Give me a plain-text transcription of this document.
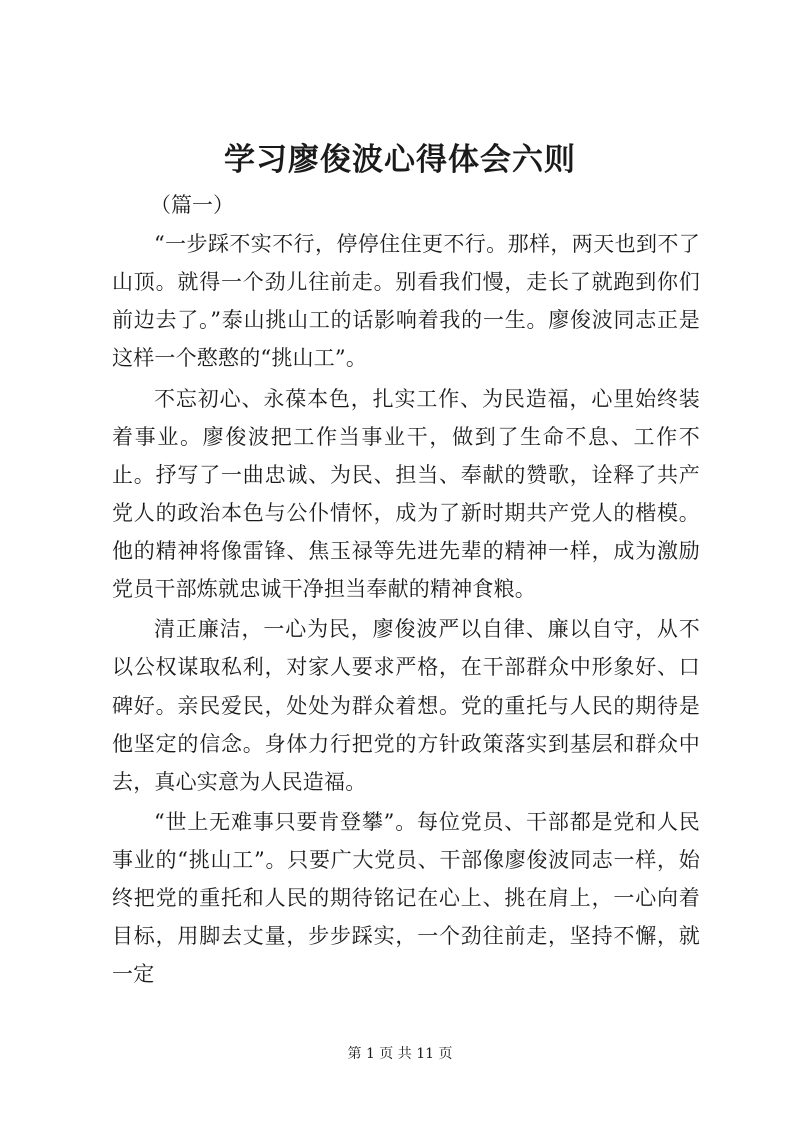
学习廖俊波心得体会六则

（篇一）

“一步踩不实不行，停停住住更不行。那样，两天也到不了山顶。就得一个劲儿往前走。别看我们慢，走长了就跑到你们前边去了。”泰山挑山工的话影响着我的一生。廖俊波同志正是这样一个憨憨的“挑山工”。

不忘初心、永葆本色，扎实工作、为民造福，心里始终装着事业。廖俊波把工作当事业干，做到了生命不息、工作不止。抒写了一曲忠诚、为民、担当、奉献的赞歌，诠释了共产党人的政治本色与公仆情怀，成为了新时期共产党人的楷模。他的精神将像雷锋、焦玉禄等先进先辈的精神一样，成为激励党员干部炼就忠诚干净担当奉献的精神食粮。

清正廉洁，一心为民，廖俊波严以自律、廉以自守，从不以公权谋取私利，对家人要求严格，在干部群众中形象好、口碑好。亲民爱民，处处为群众着想。党的重托与人民的期待是他坚定的信念。身体力行把党的方针政策落实到基层和群众中去，真心实意为人民造福。

“世上无难事只要肯登攀”。每位党员、干部都是党和人民事业的“挑山工”。只要广大党员、干部像廖俊波同志一样，始终把党的重托和人民的期待铭记在心上、挑在肩上，一心向着目标，用脚去丈量，步步踩实，一个劲往前走，坚持不懈，就一定

第 1 页 共 11 页
